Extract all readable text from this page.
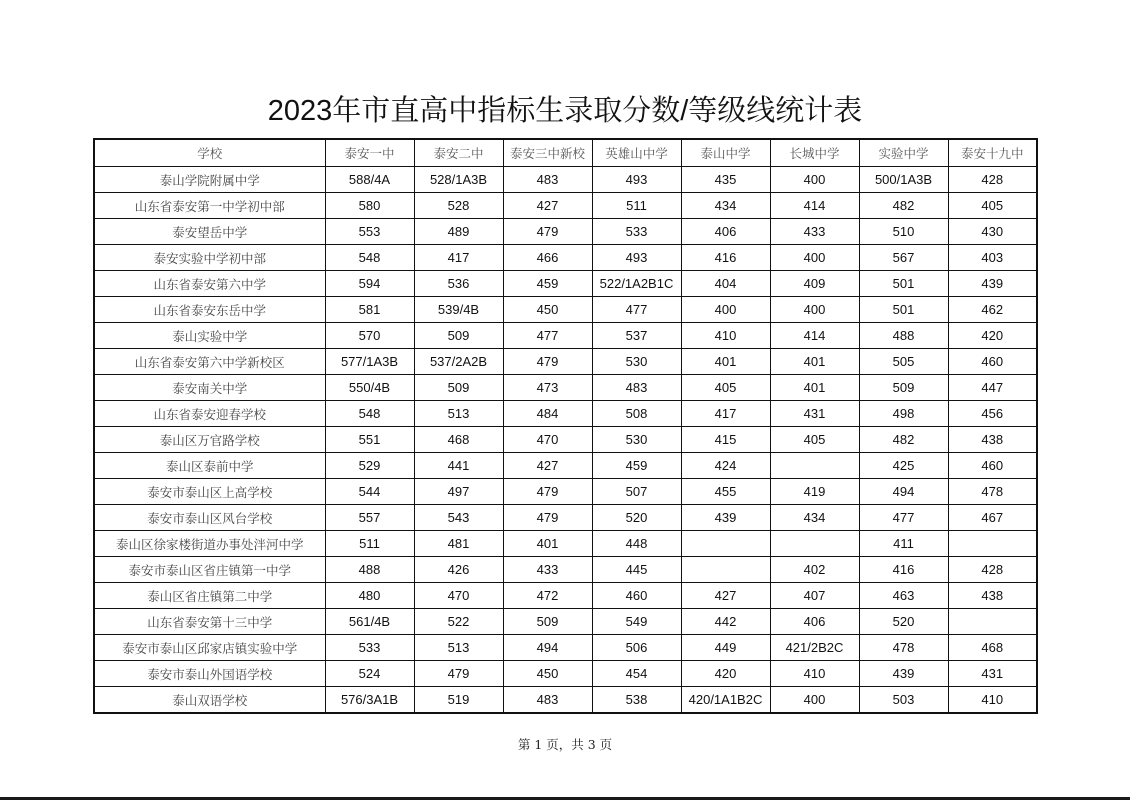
2023年市直高中指标生录取分数/等级线统计表
学校	泰安一中	泰安二中	泰安三中新校	英雄山中学	泰山中学	长城中学	实验中学	泰安十九中
泰山学院附属中学	588/4A	528/1A3B	483	493	435	400	500/1A3B	428
山东省泰安第一中学初中部	580	528	427	511	434	414	482	405
泰安望岳中学	553	489	479	533	406	433	510	430
泰安实验中学初中部	548	417	466	493	416	400	567	403
山东省泰安第六中学	594	536	459	522/1A2B1C	404	409	501	439
山东省泰安东岳中学	581	539/4B	450	477	400	400	501	462
泰山实验中学	570	509	477	537	410	414	488	420
山东省泰安第六中学新校区	577/1A3B	537/2A2B	479	530	401	401	505	460
泰安南关中学	550/4B	509	473	483	405	401	509	447
山东省泰安迎春学校	548	513	484	508	417	431	498	456
泰山区万官路学校	551	468	470	530	415	405	482	438
泰山区泰前中学	529	441	427	459	424		425	460
泰安市泰山区上高学校	544	497	479	507	455	419	494	478
泰安市泰山区风台学校	557	543	479	520	439	434	477	467
泰山区徐家楼街道办事处泮河中学	511	481	401	448			411	
泰安市泰山区省庄镇第一中学	488	426	433	445		402	416	428
泰山区省庄镇第二中学	480	470	472	460	427	407	463	438
山东省泰安第十三中学	561/4B	522	509	549	442	406	520	
泰安市泰山区邱家店镇实验中学	533	513	494	506	449	421/2B2C	478	468
泰安市泰山外国语学校	524	479	450	454	420	410	439	431
泰山双语学校	576/3A1B	519	483	538	420/1A1B2C	400	503	410
第 1 页，共 3 页
